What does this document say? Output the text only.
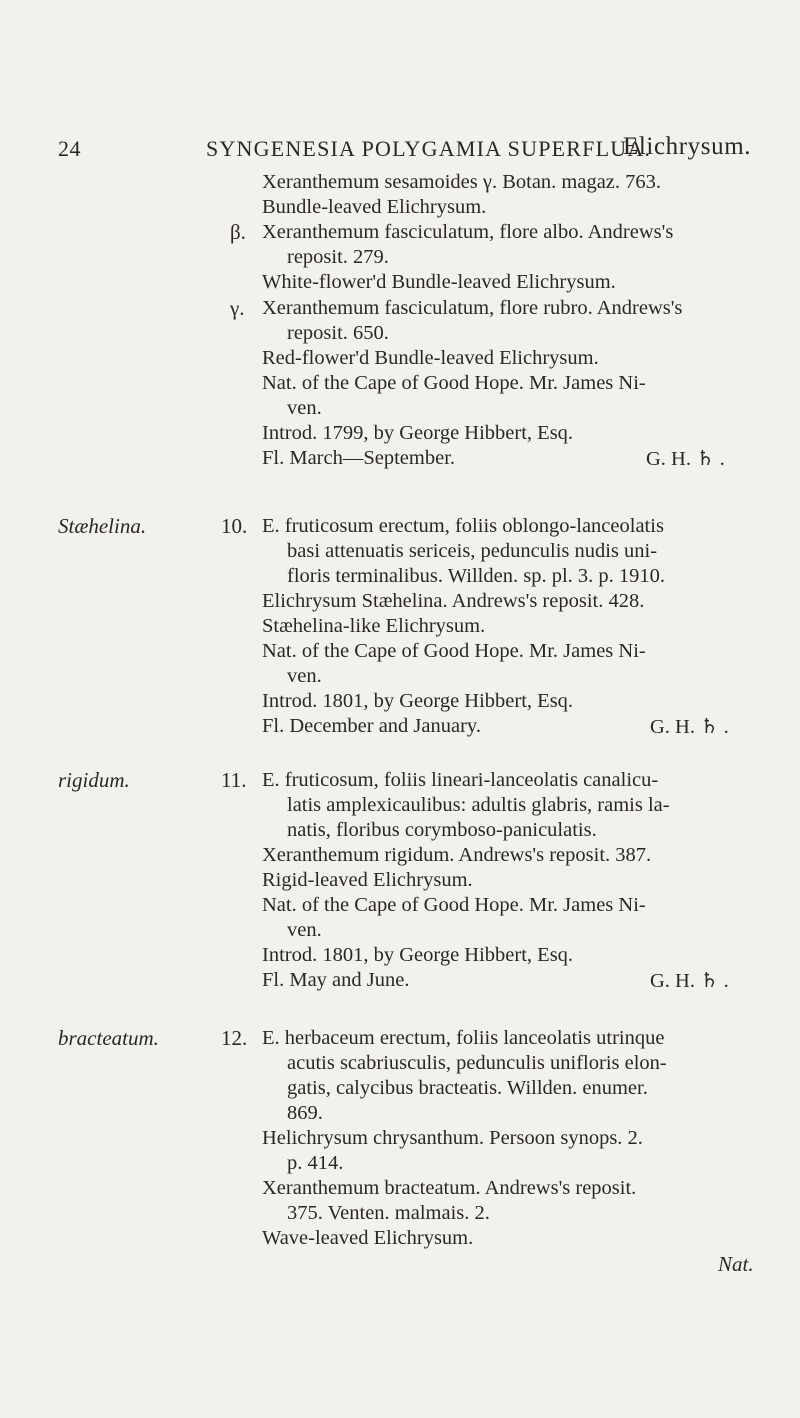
24	SYNGENESIA POLYGAMIA SUPERFLUA.
Elichrysum.
Xeranthemum sesamoides γ. Botan. magaz. 763.
Bundle-leaved Elichrysum.
β. Xeranthemum fasciculatum, flore albo. Andrews's
reposit. 279.
White-flower'd Bundle-leaved Elichrysum.
γ. Xeranthemum fasciculatum, flore rubro. Andrews's
reposit. 650.
Red-flower'd Bundle-leaved Elichrysum.
Nat. of the Cape of Good Hope. Mr. James Ni-
ven.
Introd. 1799, by George Hibbert, Esq.
Fl. March—September.	G. H. ♄ .
Stæhelina.	10. E. fruticosum erectum, foliis oblongo-lanceolatis
basi attenuatis sericeis, pedunculis nudis uni-
floris terminalibus. Willden. sp. pl. 3. p. 1910.
Elichrysum Stæhelina. Andrews's reposit. 428.
Stæhelina-like Elichrysum.
Nat. of the Cape of Good Hope. Mr. James Ni-
ven.
Introd. 1801, by George Hibbert, Esq.
Fl. December and January.	G. H. ♄ .
rigidum.	11. E. fruticosum, foliis lineari-lanceolatis canalicu-
latis amplexicaulibus: adultis glabris, ramis la-
natis, floribus corymboso-paniculatis.
Xeranthemum rigidum. Andrews's reposit. 387.
Rigid-leaved Elichrysum.
Nat. of the Cape of Good Hope. Mr. James Ni-
ven.
Introd. 1801, by George Hibbert, Esq.
Fl. May and June.	G. H. ♄ .
bracteatum.	12. E. herbaceum erectum, foliis lanceolatis utrinque
acutis scabriusculis, pedunculis unifloris elon-
gatis, calycibus bracteatis. Willden. enumer.
869.
Helichrysum chrysanthum. Persoon synops. 2.
p. 414.
Xeranthemum bracteatum. Andrews's reposit.
375. Venten. malmais. 2.
Wave-leaved Elichrysum.
Nat.
